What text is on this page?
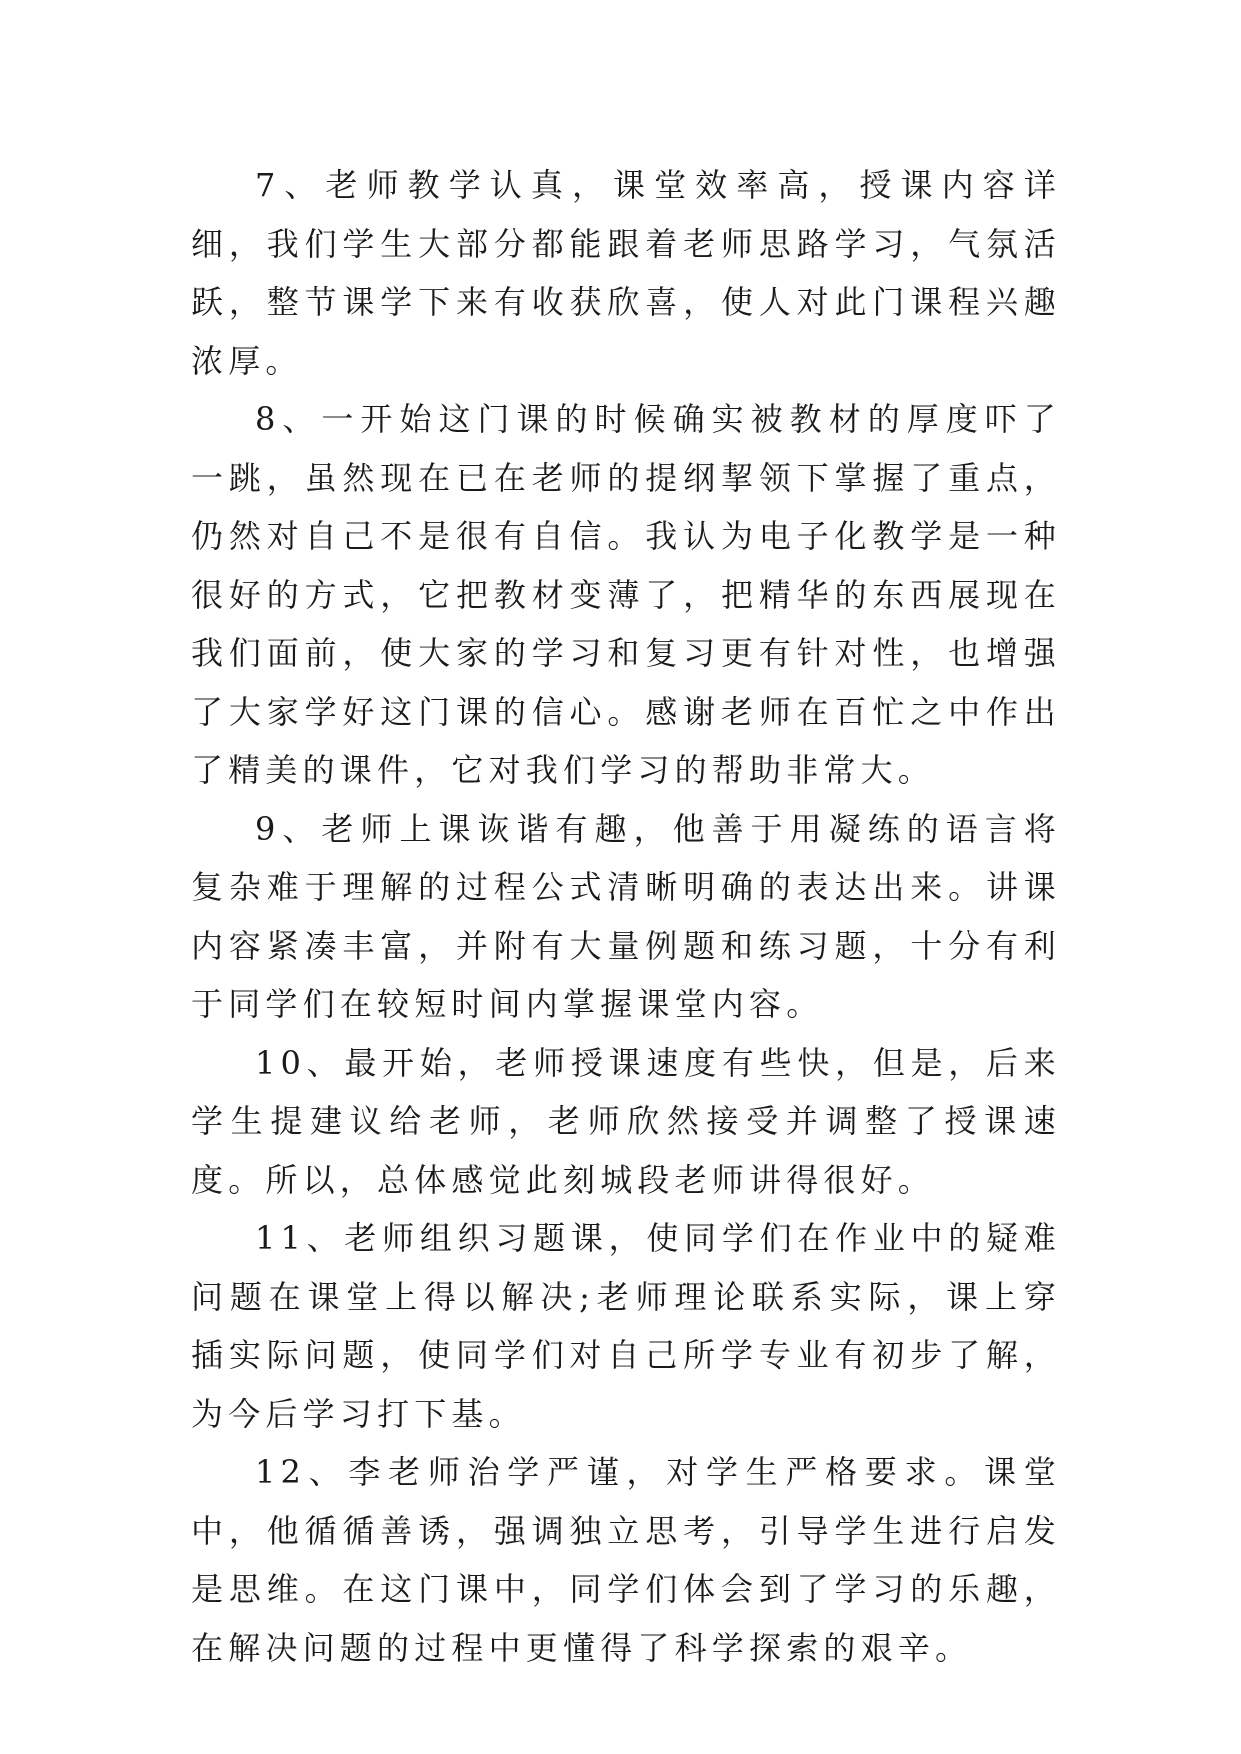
7、老师教学认真，课堂效率高，授课内容详细，我们学生大部分都能跟着老师思路学习，气氛活跃，整节课学下来有收获欣喜，使人对此门课程兴趣浓厚。

8、一开始这门课的时候确实被教材的厚度吓了一跳，虽然现在已在老师的提纲挈领下掌握了重点，仍然对自己不是很有自信。我认为电子化教学是一种很好的方式，它把教材变薄了，把精华的东西展现在我们面前，使大家的学习和复习更有针对性，也增强了大家学好这门课的信心。感谢老师在百忙之中作出了精美的课件，它对我们学习的帮助非常大。

9、老师上课诙谐有趣，他善于用凝练的语言将复杂难于理解的过程公式清晰明确的表达出来。讲课内容紧凑丰富，并附有大量例题和练习题，十分有利于同学们在较短时间内掌握课堂内容。

10、最开始，老师授课速度有些快，但是，后来学生提建议给老师，老师欣然接受并调整了授课速度。所以，总体感觉此刻城段老师讲得很好。

11、老师组织习题课，使同学们在作业中的疑难问题在课堂上得以解决;老师理论联系实际，课上穿插实际问题，使同学们对自己所学专业有初步了解，为今后学习打下基。

12、李老师治学严谨，对学生严格要求。课堂中，他循循善诱，强调独立思考，引导学生进行启发是思维。在这门课中，同学们体会到了学习的乐趣，在解决问题的过程中更懂得了科学探索的艰辛。
